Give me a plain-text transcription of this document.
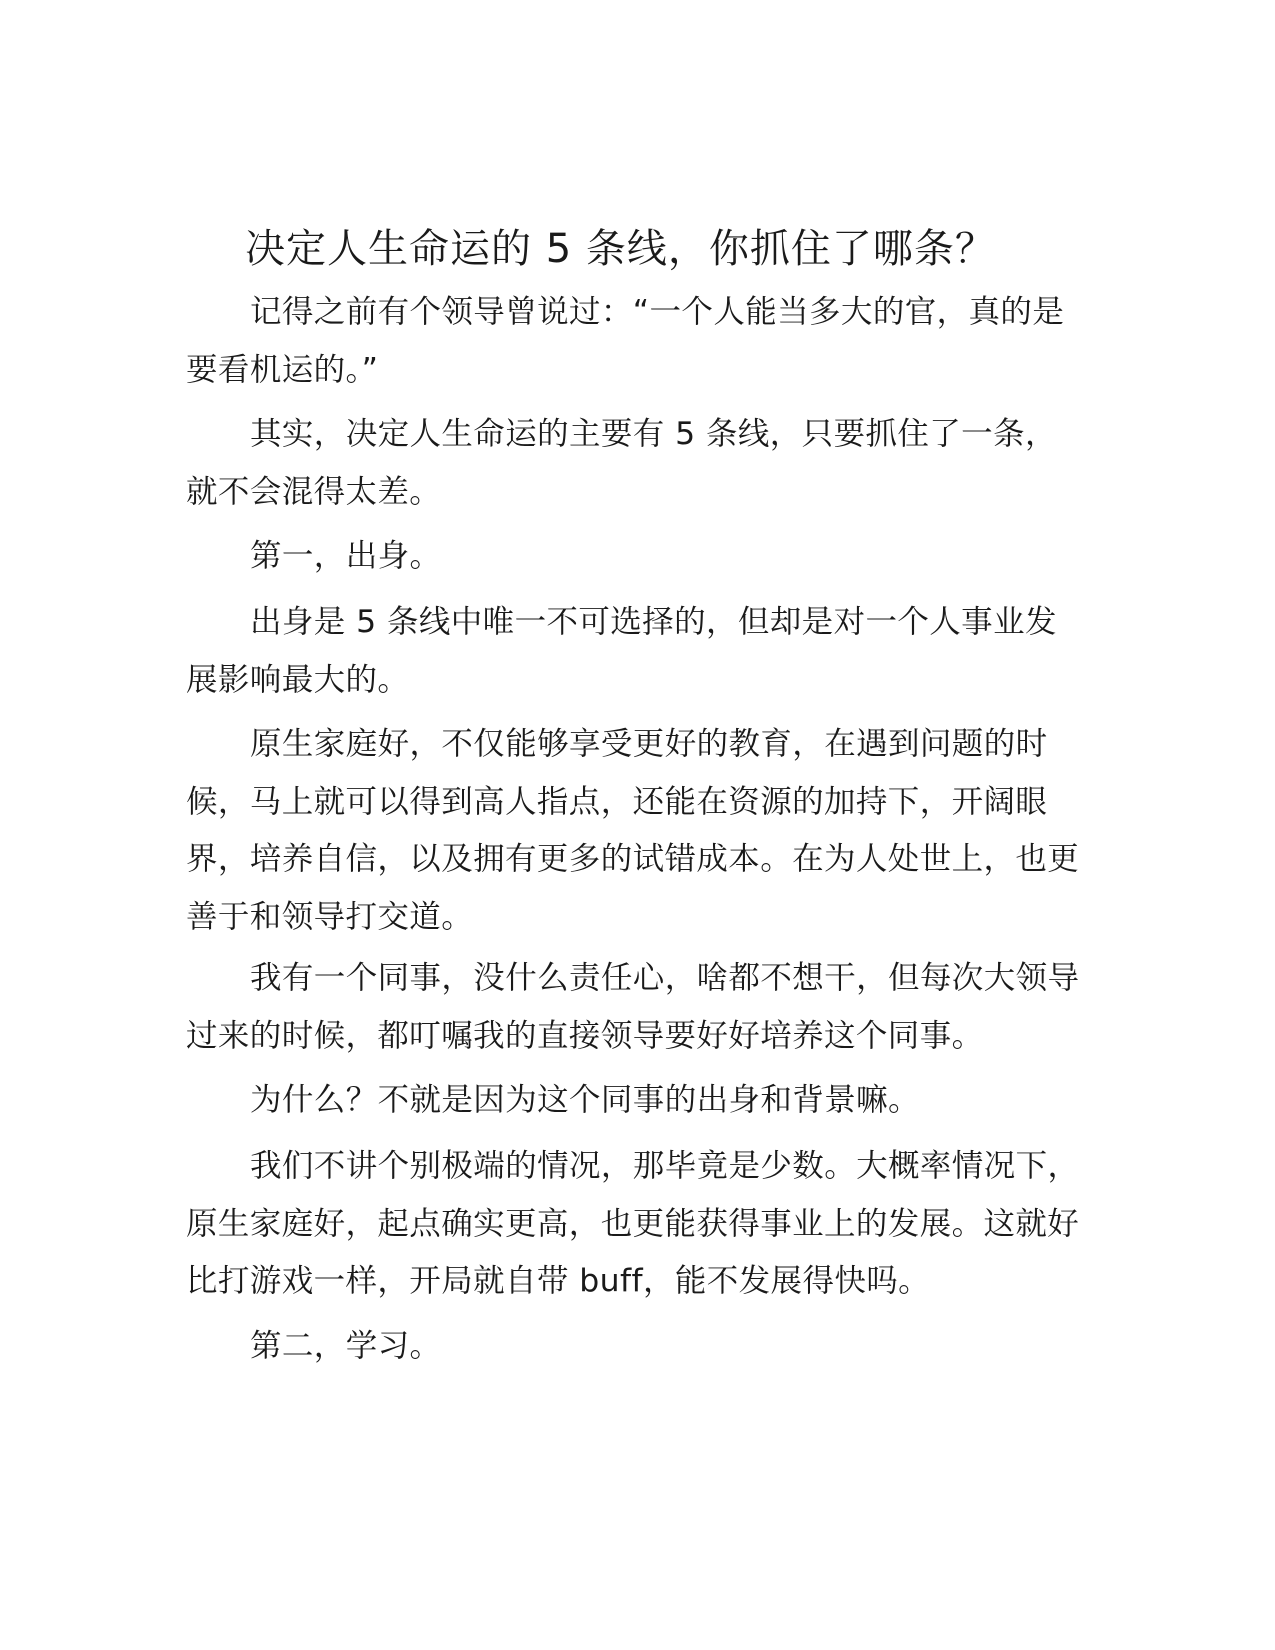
决定人生命运的 5 条线，你抓住了哪条？

记得之前有个领导曾说过：“一个人能当多大的官，真的是要看机运的。”

其实，决定人生命运的主要有 5 条线，只要抓住了一条，就不会混得太差。

第一，出身。

出身是 5 条线中唯一不可选择的，但却是对一个人事业发展影响最大的。

原生家庭好，不仅能够享受更好的教育，在遇到问题的时候，马上就可以得到高人指点，还能在资源的加持下，开阔眼界，培养自信，以及拥有更多的试错成本。在为人处世上，也更善于和领导打交道。

我有一个同事，没什么责任心，啥都不想干，但每次大领导过来的时候，都叮嘱我的直接领导要好好培养这个同事。

为什么？不就是因为这个同事的出身和背景嘛。

我们不讲个别极端的情况，那毕竟是少数。大概率情况下，原生家庭好，起点确实更高，也更能获得事业上的发展。这就好比打游戏一样，开局就自带 buff，能不发展得快吗。

第二，学习。
